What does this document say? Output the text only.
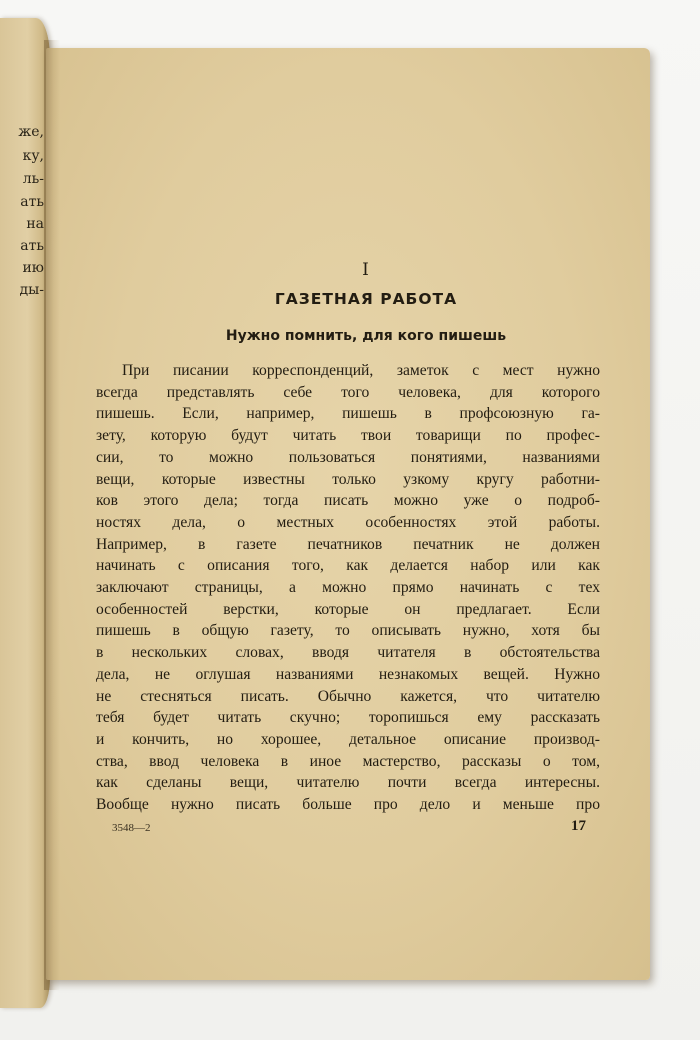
же,
ку,
ль-
ать
на
ать
ию
ды-
I
ГАЗЕТНАЯ РАБОТА
Нужно помнить, для кого пишешь
При писании корреспонденций, заметок с мест нужно
всегда представлять себе того человека, для которого
пишешь. Если, например, пишешь в профсоюзную га-
зету, которую будут читать твои товарищи по профес-
сии, то можно пользоваться понятиями, названиями
вещи, которые известны только узкому кругу работни-
ков этого дела; тогда писать можно уже о подроб-
ностях дела, о местных особенностях этой работы.
Например, в газете печатников печатник не должен
начинать с описания того, как делается набор или как
заключают страницы, а можно прямо начинать с тех
особенностей верстки, которые он предлагает. Если
пишешь в общую газету, то описывать нужно, хотя бы
в нескольких словах, вводя читателя в обстоятельства
дела, не оглушая названиями незнакомых вещей. Нужно
не стесняться писать. Обычно кажется, что читателю
тебя будет читать скучно; торопишься ему рассказать
и кончить, но хорошее, детальное описание производ-
ства, ввод человека в иное мастерство, рассказы о том,
как сделаны вещи, читателю почти всегда интересны.
Вообще нужно писать больше про дело и меньше про
3548—2	17
